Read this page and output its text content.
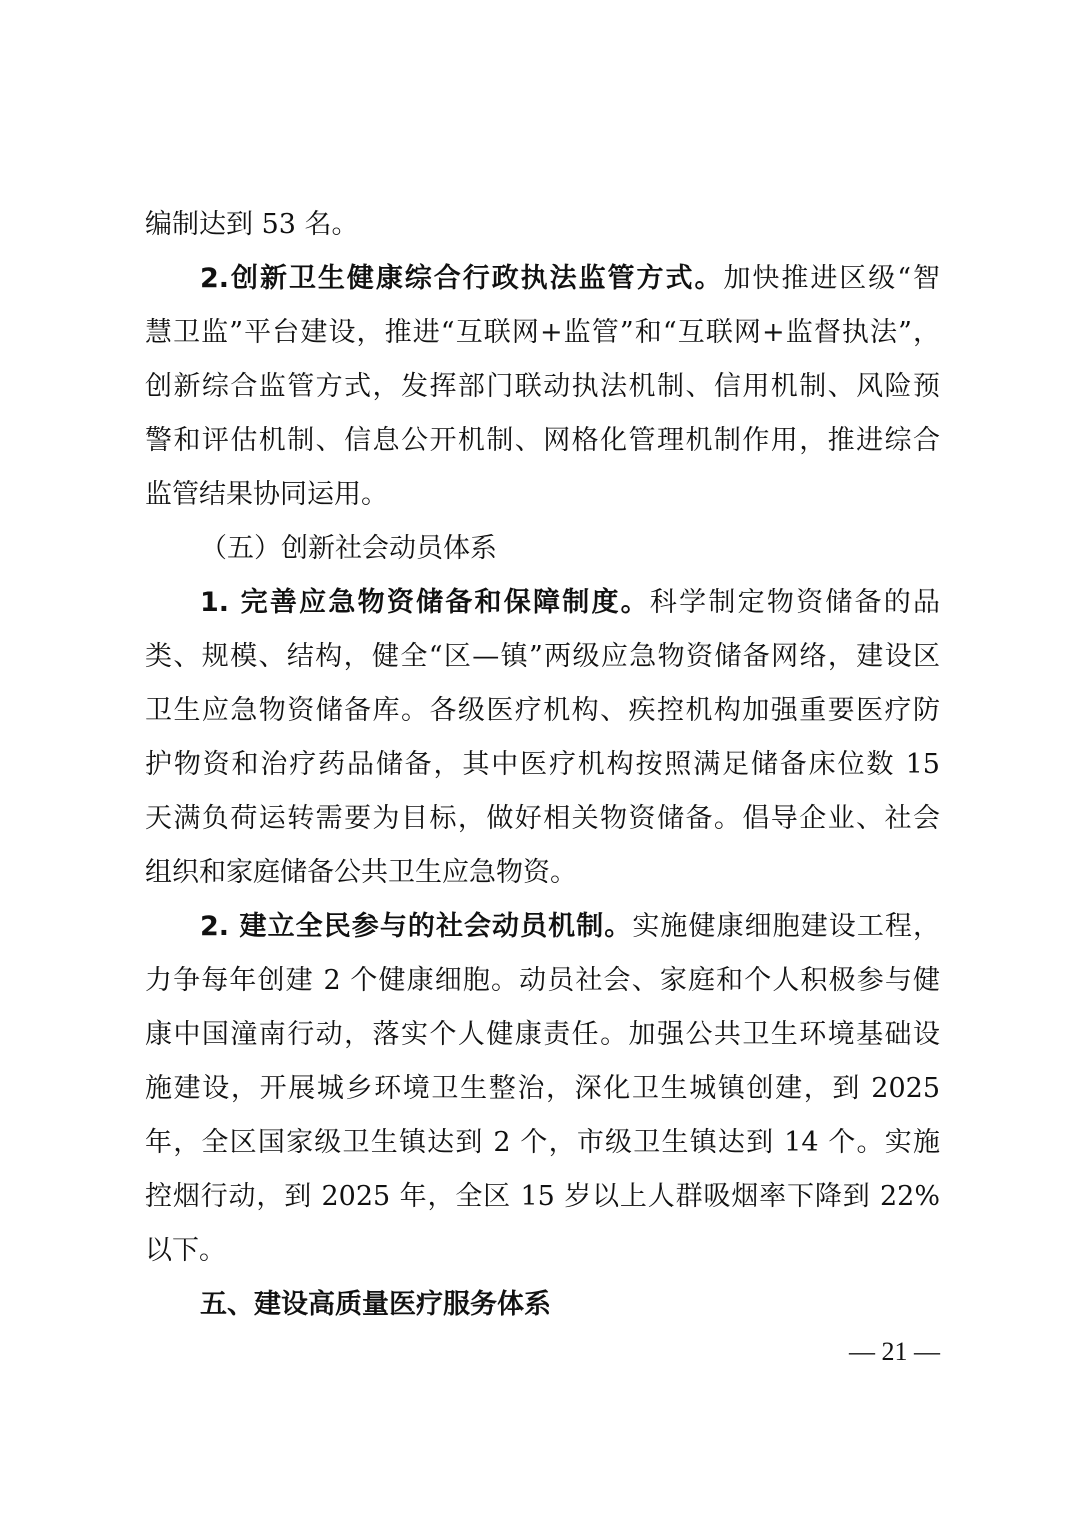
编制达到 53 名。
2.创新卫生健康综合行政执法监管方式。加快推进区级“智
慧卫监”平台建设，推进“互联网+监管”和“互联网+监督执法”，
创新综合监管方式，发挥部门联动执法机制、信用机制、风险预
警和评估机制、信息公开机制、网格化管理机制作用，推进综合
监管结果协同运用。
（五）创新社会动员体系
1. 完善应急物资储备和保障制度。科学制定物资储备的品
类、规模、结构，健全“区—镇”两级应急物资储备网络，建设区
卫生应急物资储备库。各级医疗机构、疾控机构加强重要医疗防
护物资和治疗药品储备，其中医疗机构按照满足储备床位数 15
天满负荷运转需要为目标，做好相关物资储备。倡导企业、社会
组织和家庭储备公共卫生应急物资。
2. 建立全民参与的社会动员机制。实施健康细胞建设工程，
力争每年创建 2 个健康细胞。动员社会、家庭和个人积极参与健
康中国潼南行动，落实个人健康责任。加强公共卫生环境基础设
施建设，开展城乡环境卫生整治，深化卫生城镇创建，到 2025
年，全区国家级卫生镇达到 2 个，市级卫生镇达到 14 个。实施
控烟行动，到 2025 年，全区 15 岁以上人群吸烟率下降到 22%
以下。
五、建设高质量医疗服务体系
— 21 —
